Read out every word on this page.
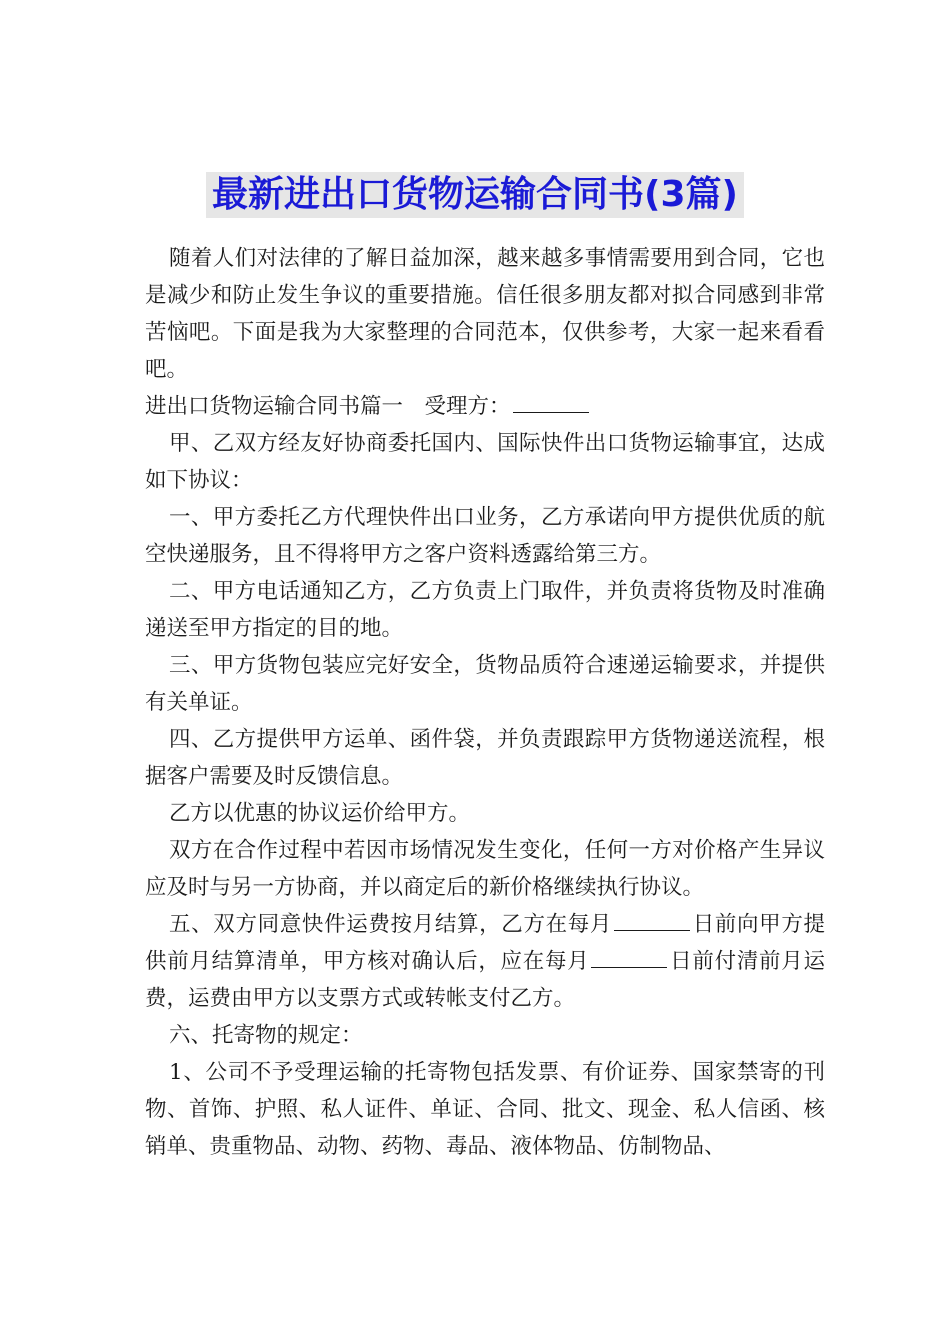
最新进出口货物运输合同书(3篇)

随着人们对法律的了解日益加深，越来越多事情需要用到合同，它也是减少和防止发生争议的重要措施。信任很多朋友都对拟合同感到非常苦恼吧。下面是我为大家整理的合同范本，仅供参考，大家一起来看看吧。

进出口货物运输合同书篇一　受理方：

甲、乙双方经友好协商委托国内、国际快件出口货物运输事宜，达成如下协议：

一、甲方委托乙方代理快件出口业务，乙方承诺向甲方提供优质的航空快递服务，且不得将甲方之客户资料透露给第三方。

二、甲方电话通知乙方，乙方负责上门取件，并负责将货物及时准确递送至甲方指定的目的地。

三、甲方货物包装应完好安全，货物品质符合速递运输要求，并提供有关单证。

四、乙方提供甲方运单、函件袋，并负责跟踪甲方货物递送流程，根据客户需要及时反馈信息。

乙方以优惠的协议运价给甲方。

双方在合作过程中若因市场情况发生变化，任何一方对价格产生异议应及时与另一方协商，并以商定后的新价格继续执行协议。

五、双方同意快件运费按月结算，乙方在每月	日前向甲方提供前月结算清单，甲方核对确认后，应在每月	日前付清前月运费，运费由甲方以支票方式或转帐支付乙方。

六、托寄物的规定：

1、公司不予受理运输的托寄物包括发票、有价证券、国家禁寄的刊物、首饰、护照、私人证件、单证、合同、批文、现金、私人信函、核销单、贵重物品、动物、药物、毒品、液体物品、仿制物品、
